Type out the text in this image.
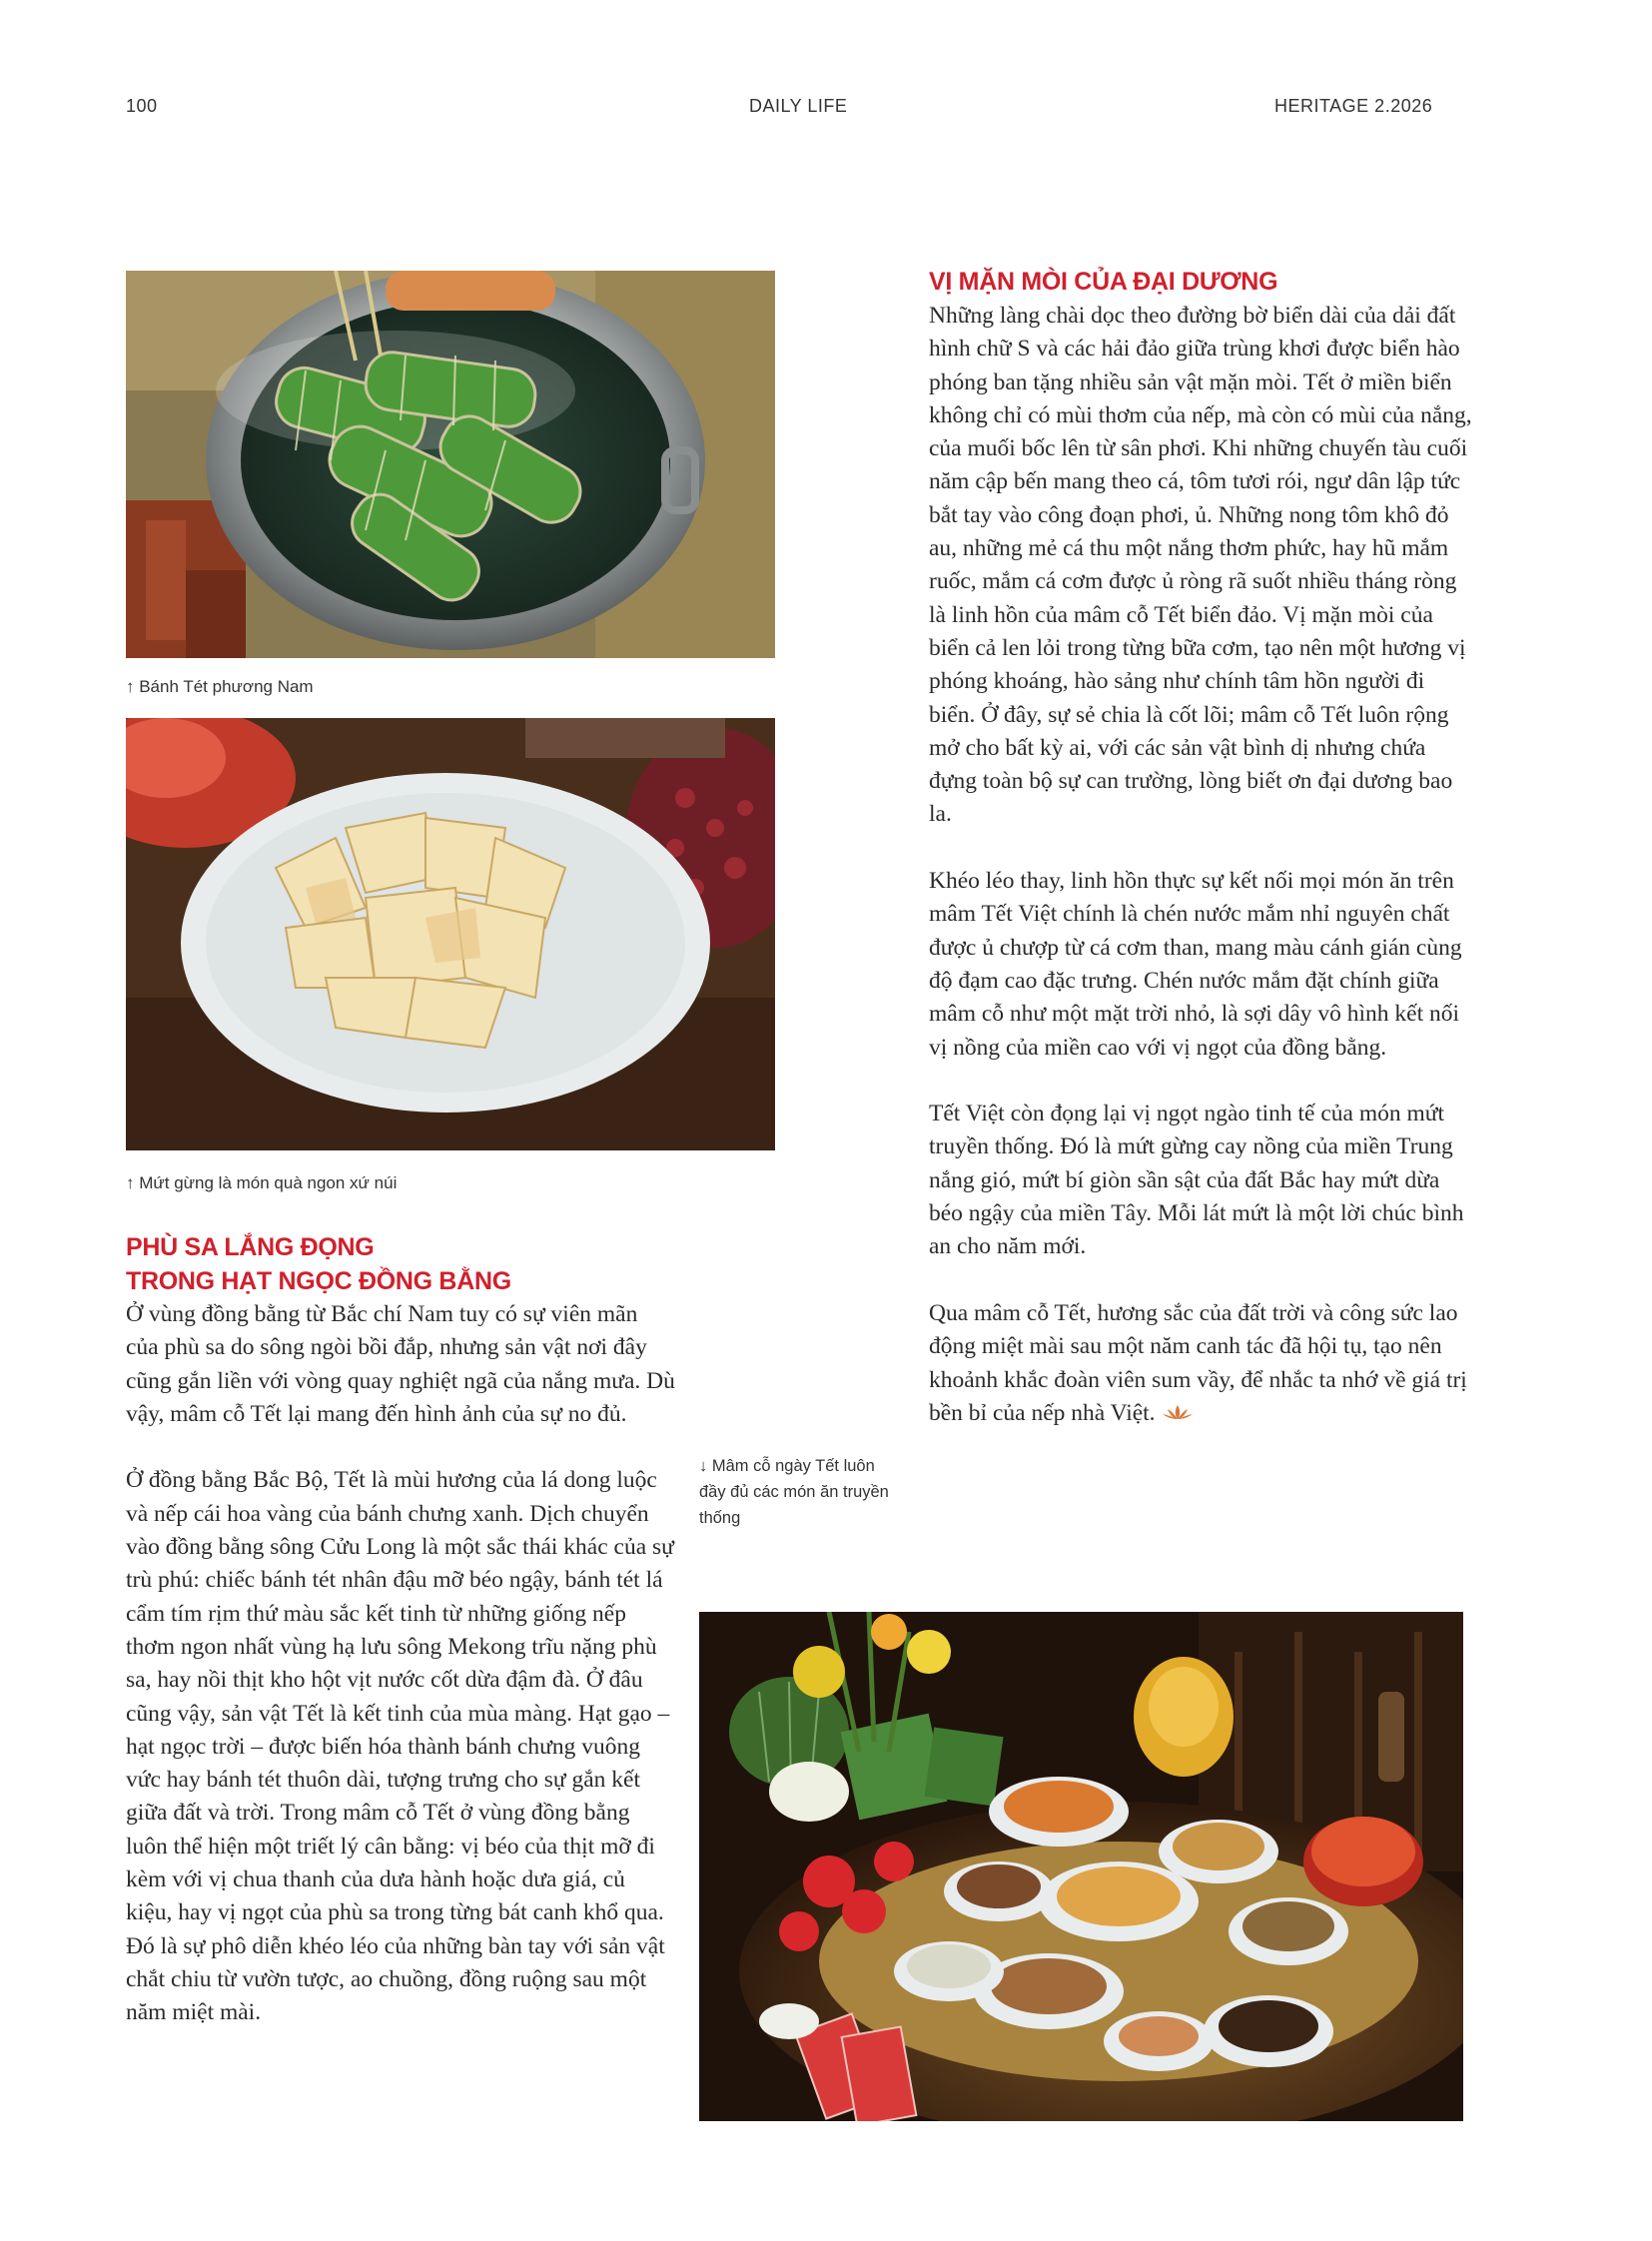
100	DAILY LIFE	HERITAGE 2.2026
↑ Bánh Tét phương Nam
↑ Mứt gừng là món quà ngon xứ núi
PHÙ SA LẮNG ĐỌNG
TRONG HẠT NGỌC ĐỒNG BẰNG

Ở vùng đồng bằng từ Bắc chí Nam tuy có sự viên mãn của phù sa do sông ngòi bồi đắp, nhưng sản vật nơi đây cũng gắn liền với vòng quay nghiệt ngã của nắng mưa. Dù vậy, mâm cỗ Tết lại mang đến hình ảnh của sự no đủ.

Ở đồng bằng Bắc Bộ, Tết là mùi hương của lá dong luộc và nếp cái hoa vàng của bánh chưng xanh. Dịch chuyển vào đồng bằng sông Cửu Long là một sắc thái khác của sự trù phú: chiếc bánh tét nhân đậu mỡ béo ngậy, bánh tét lá cẩm tím rịm thứ màu sắc kết tinh từ những giống nếp thơm ngon nhất vùng hạ lưu sông Mekong trĩu nặng phù sa, hay nồi thịt kho hột vịt nước cốt dừa đậm đà. Ở đâu cũng vậy, sản vật Tết là kết tinh của mùa màng. Hạt gạo – hạt ngọc trời – được biến hóa thành bánh chưng vuông vức hay bánh tét thuôn dài, tượng trưng cho sự gắn kết giữa đất và trời. Trong mâm cỗ Tết ở vùng đồng bằng luôn thể hiện một triết lý cân bằng: vị béo của thịt mỡ đi kèm với vị chua thanh của dưa hành hoặc dưa giá, củ kiệu, hay vị ngọt của phù sa trong từng bát canh khổ qua. Đó là sự phô diễn khéo léo của những bàn tay với sản vật chắt chiu từ vườn tược, ao chuồng, đồng ruộng sau một năm miệt mài.

VỊ MẶN MÒI CỦA ĐẠI DƯƠNG

Những làng chài dọc theo đường bờ biển dài của dải đất hình chữ S và các hải đảo giữa trùng khơi được biển hào phóng ban tặng nhiều sản vật mặn mòi. Tết ở miền biển không chỉ có mùi thơm của nếp, mà còn có mùi của nắng, của muối bốc lên từ sân phơi. Khi những chuyến tàu cuối năm cập bến mang theo cá, tôm tươi rói, ngư dân lập tức bắt tay vào công đoạn phơi, ủ. Những nong tôm khô đỏ au, những mẻ cá thu một nắng thơm phức, hay hũ mắm ruốc, mắm cá cơm được ủ ròng rã suốt nhiều tháng ròng là linh hồn của mâm cỗ Tết biển đảo. Vị mặn mòi của biển cả len lỏi trong từng bữa cơm, tạo nên một hương vị phóng khoáng, hào sảng như chính tâm hồn người đi biển. Ở đây, sự sẻ chia là cốt lõi; mâm cỗ Tết luôn rộng mở cho bất kỳ ai, với các sản vật bình dị nhưng chứa đựng toàn bộ sự can trường, lòng biết ơn đại dương bao la.

Khéo léo thay, linh hồn thực sự kết nối mọi món ăn trên mâm Tết Việt chính là chén nước mắm nhỉ nguyên chất được ủ chượp từ cá cơm than, mang màu cánh gián cùng độ đạm cao đặc trưng. Chén nước mắm đặt chính giữa mâm cỗ như một mặt trời nhỏ, là sợi dây vô hình kết nối vị nồng của miền cao với vị ngọt của đồng bằng.

Tết Việt còn đọng lại vị ngọt ngào tinh tế của món mứt truyền thống. Đó là mứt gừng cay nồng của miền Trung nắng gió, mứt bí giòn sần sật của đất Bắc hay mứt dừa béo ngậy của miền Tây. Mỗi lát mứt là một lời chúc bình an cho năm mới.

Qua mâm cỗ Tết, hương sắc của đất trời và công sức lao động miệt mài sau một năm canh tác đã hội tụ, tạo nên khoảnh khắc đoàn viên sum vầy, để nhắc ta nhớ về giá trị bền bỉ của nếp nhà Việt.

↓ Mâm cỗ ngày Tết luôn đầy đủ các món ăn truyền thống
